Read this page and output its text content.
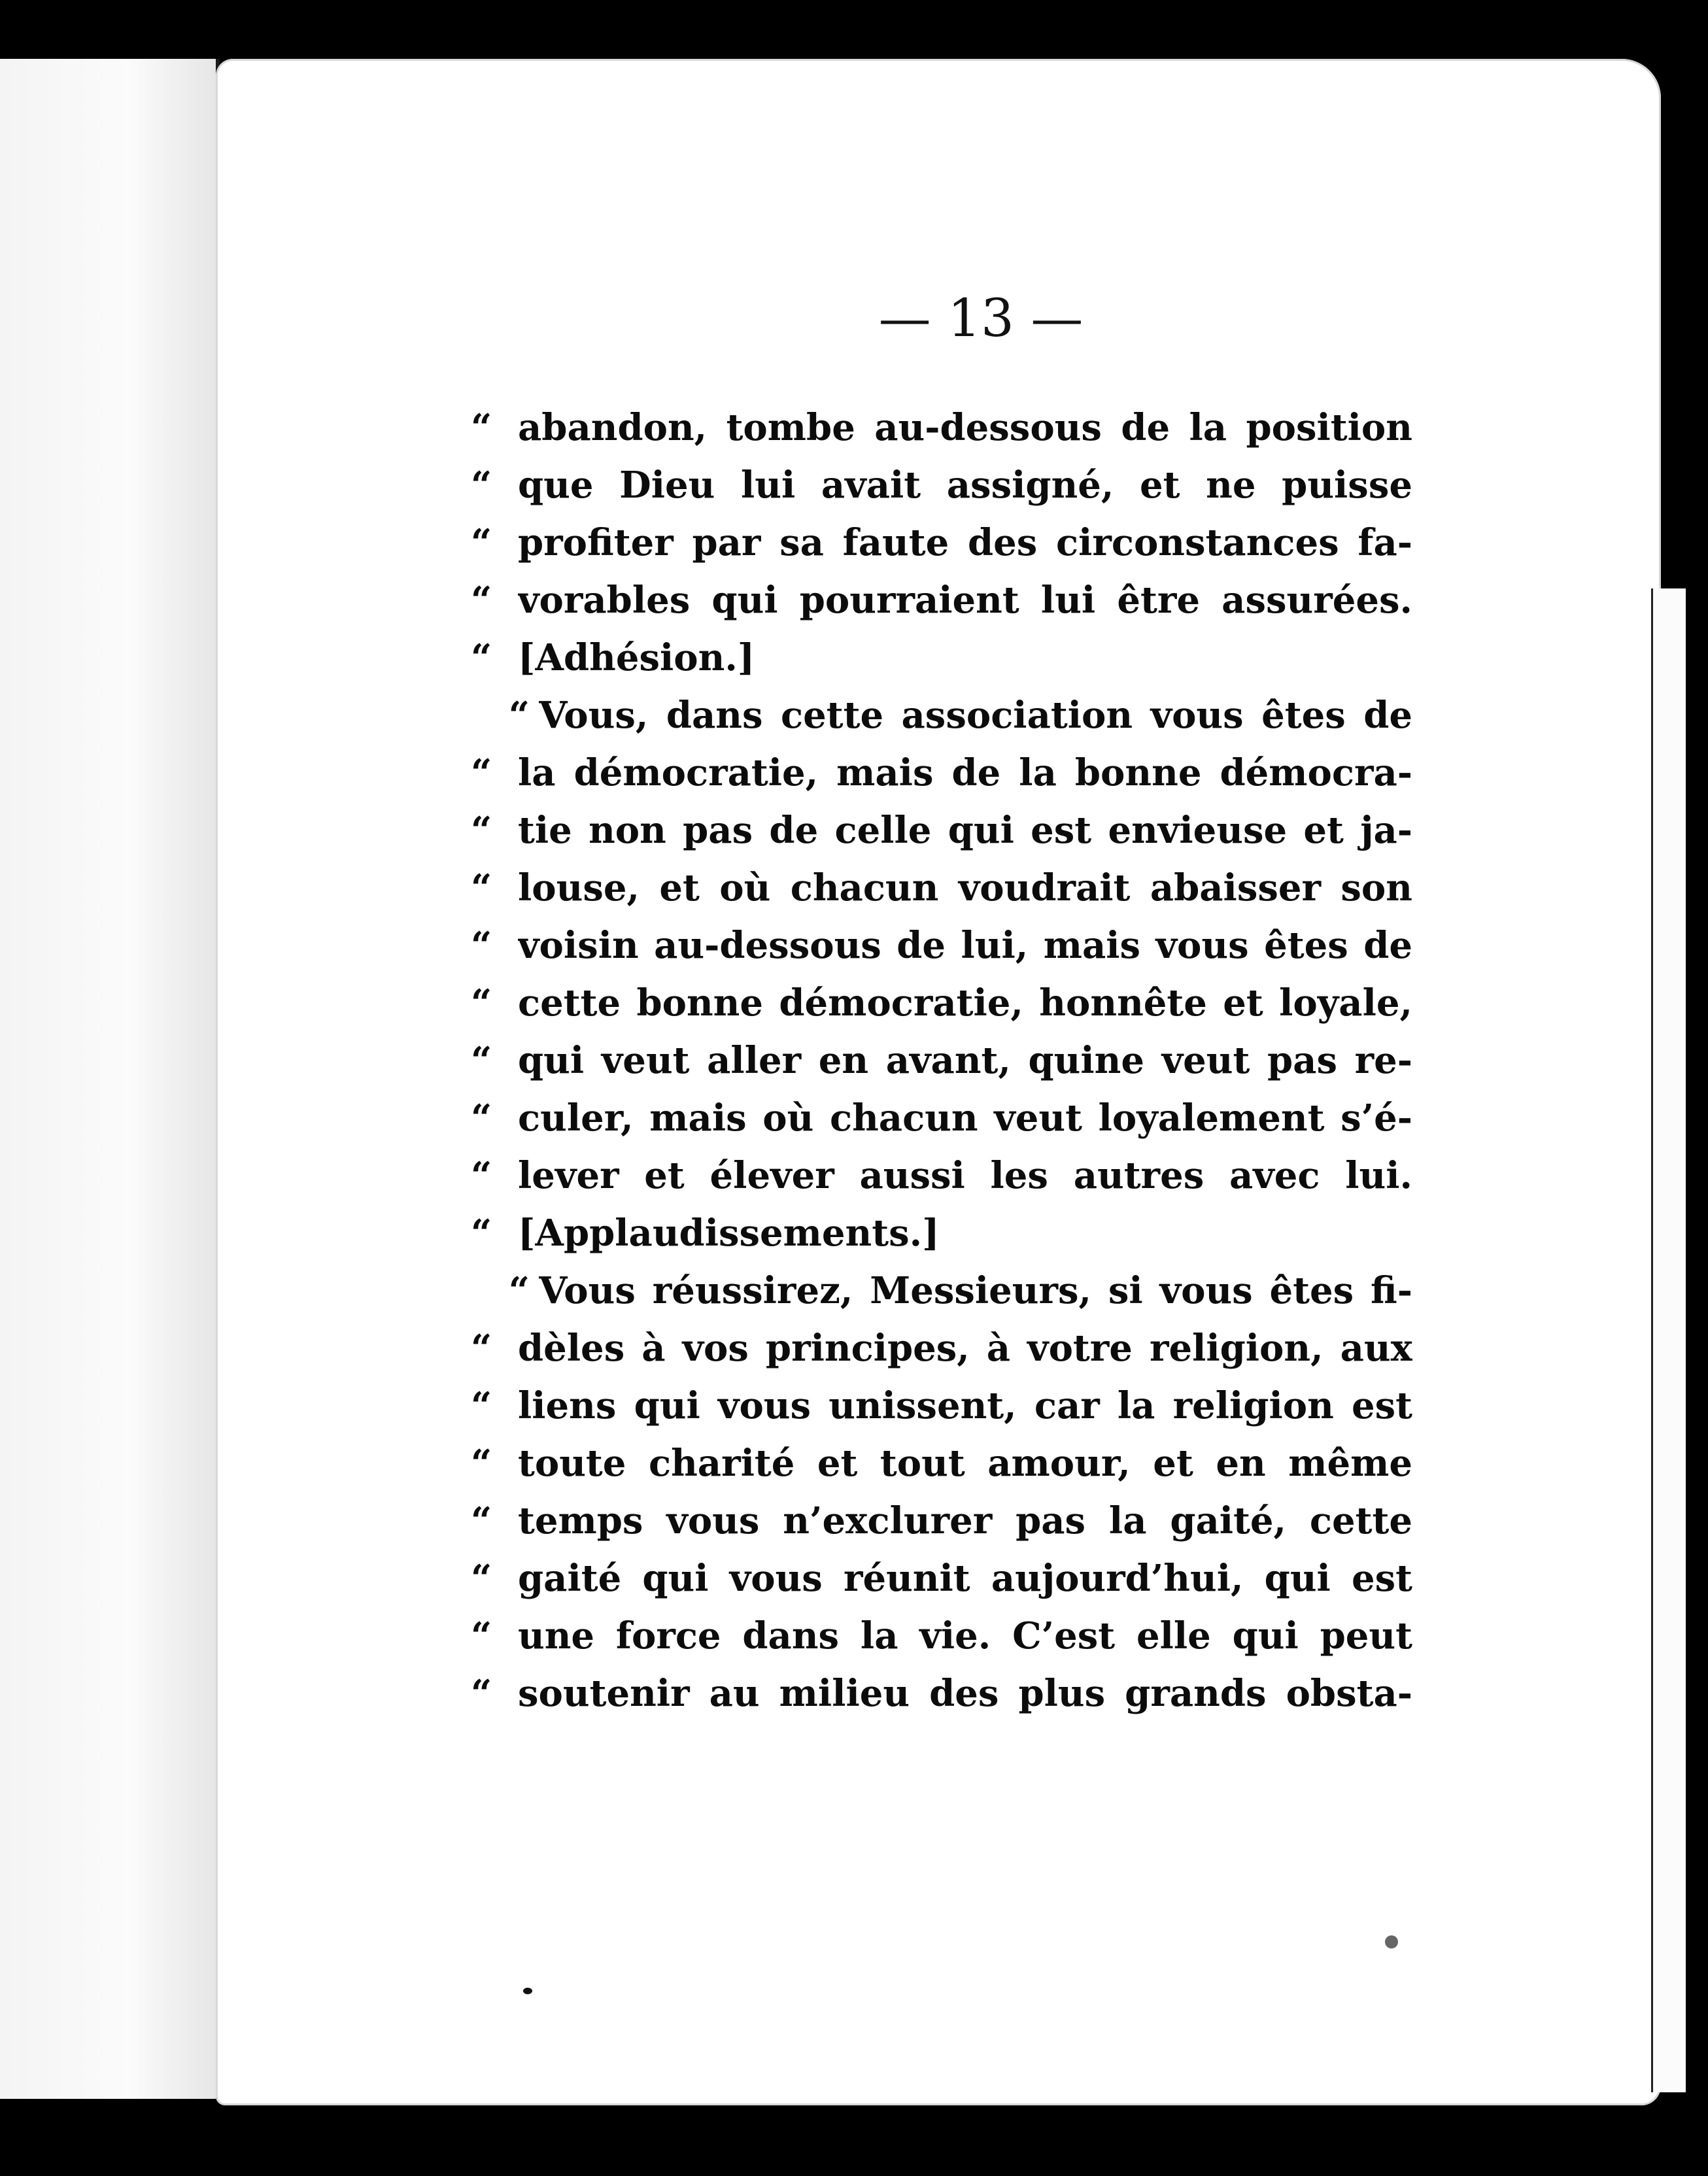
— 13 —
“ abandon, tombe au-dessous de la position
“ que Dieu lui avait assigné, et ne puisse
“ profiter par sa faute des circonstances fa-
“ vorables qui pourraient lui être assurées.
“ [Adhésion.]
“ Vous, dans cette association vous êtes de
“ la démocratie, mais de la bonne démocra-
“ tie non pas de celle qui est envieuse et ja-
“ louse, et où chacun voudrait abaisser son
“ voisin au-dessous de lui, mais vous êtes de
“ cette bonne démocratie, honnête et loyale,
“ qui veut aller en avant, quine veut pas re-
“ culer, mais où chacun veut loyalement s’é-
“ lever et élever aussi les autres avec lui.
“ [Applaudissements.]
“ Vous réussirez, Messieurs, si vous êtes fi-
“ dèles à vos principes, à votre religion, aux
“ liens qui vous unissent, car la religion est
“ toute charité et tout amour, et en même
“ temps vous n’exclurer pas la gaité, cette
“ gaité qui vous réunit aujourd’hui, qui est
“ une force dans la vie. C’est elle qui peut
“ soutenir au milieu des plus grands obsta-
